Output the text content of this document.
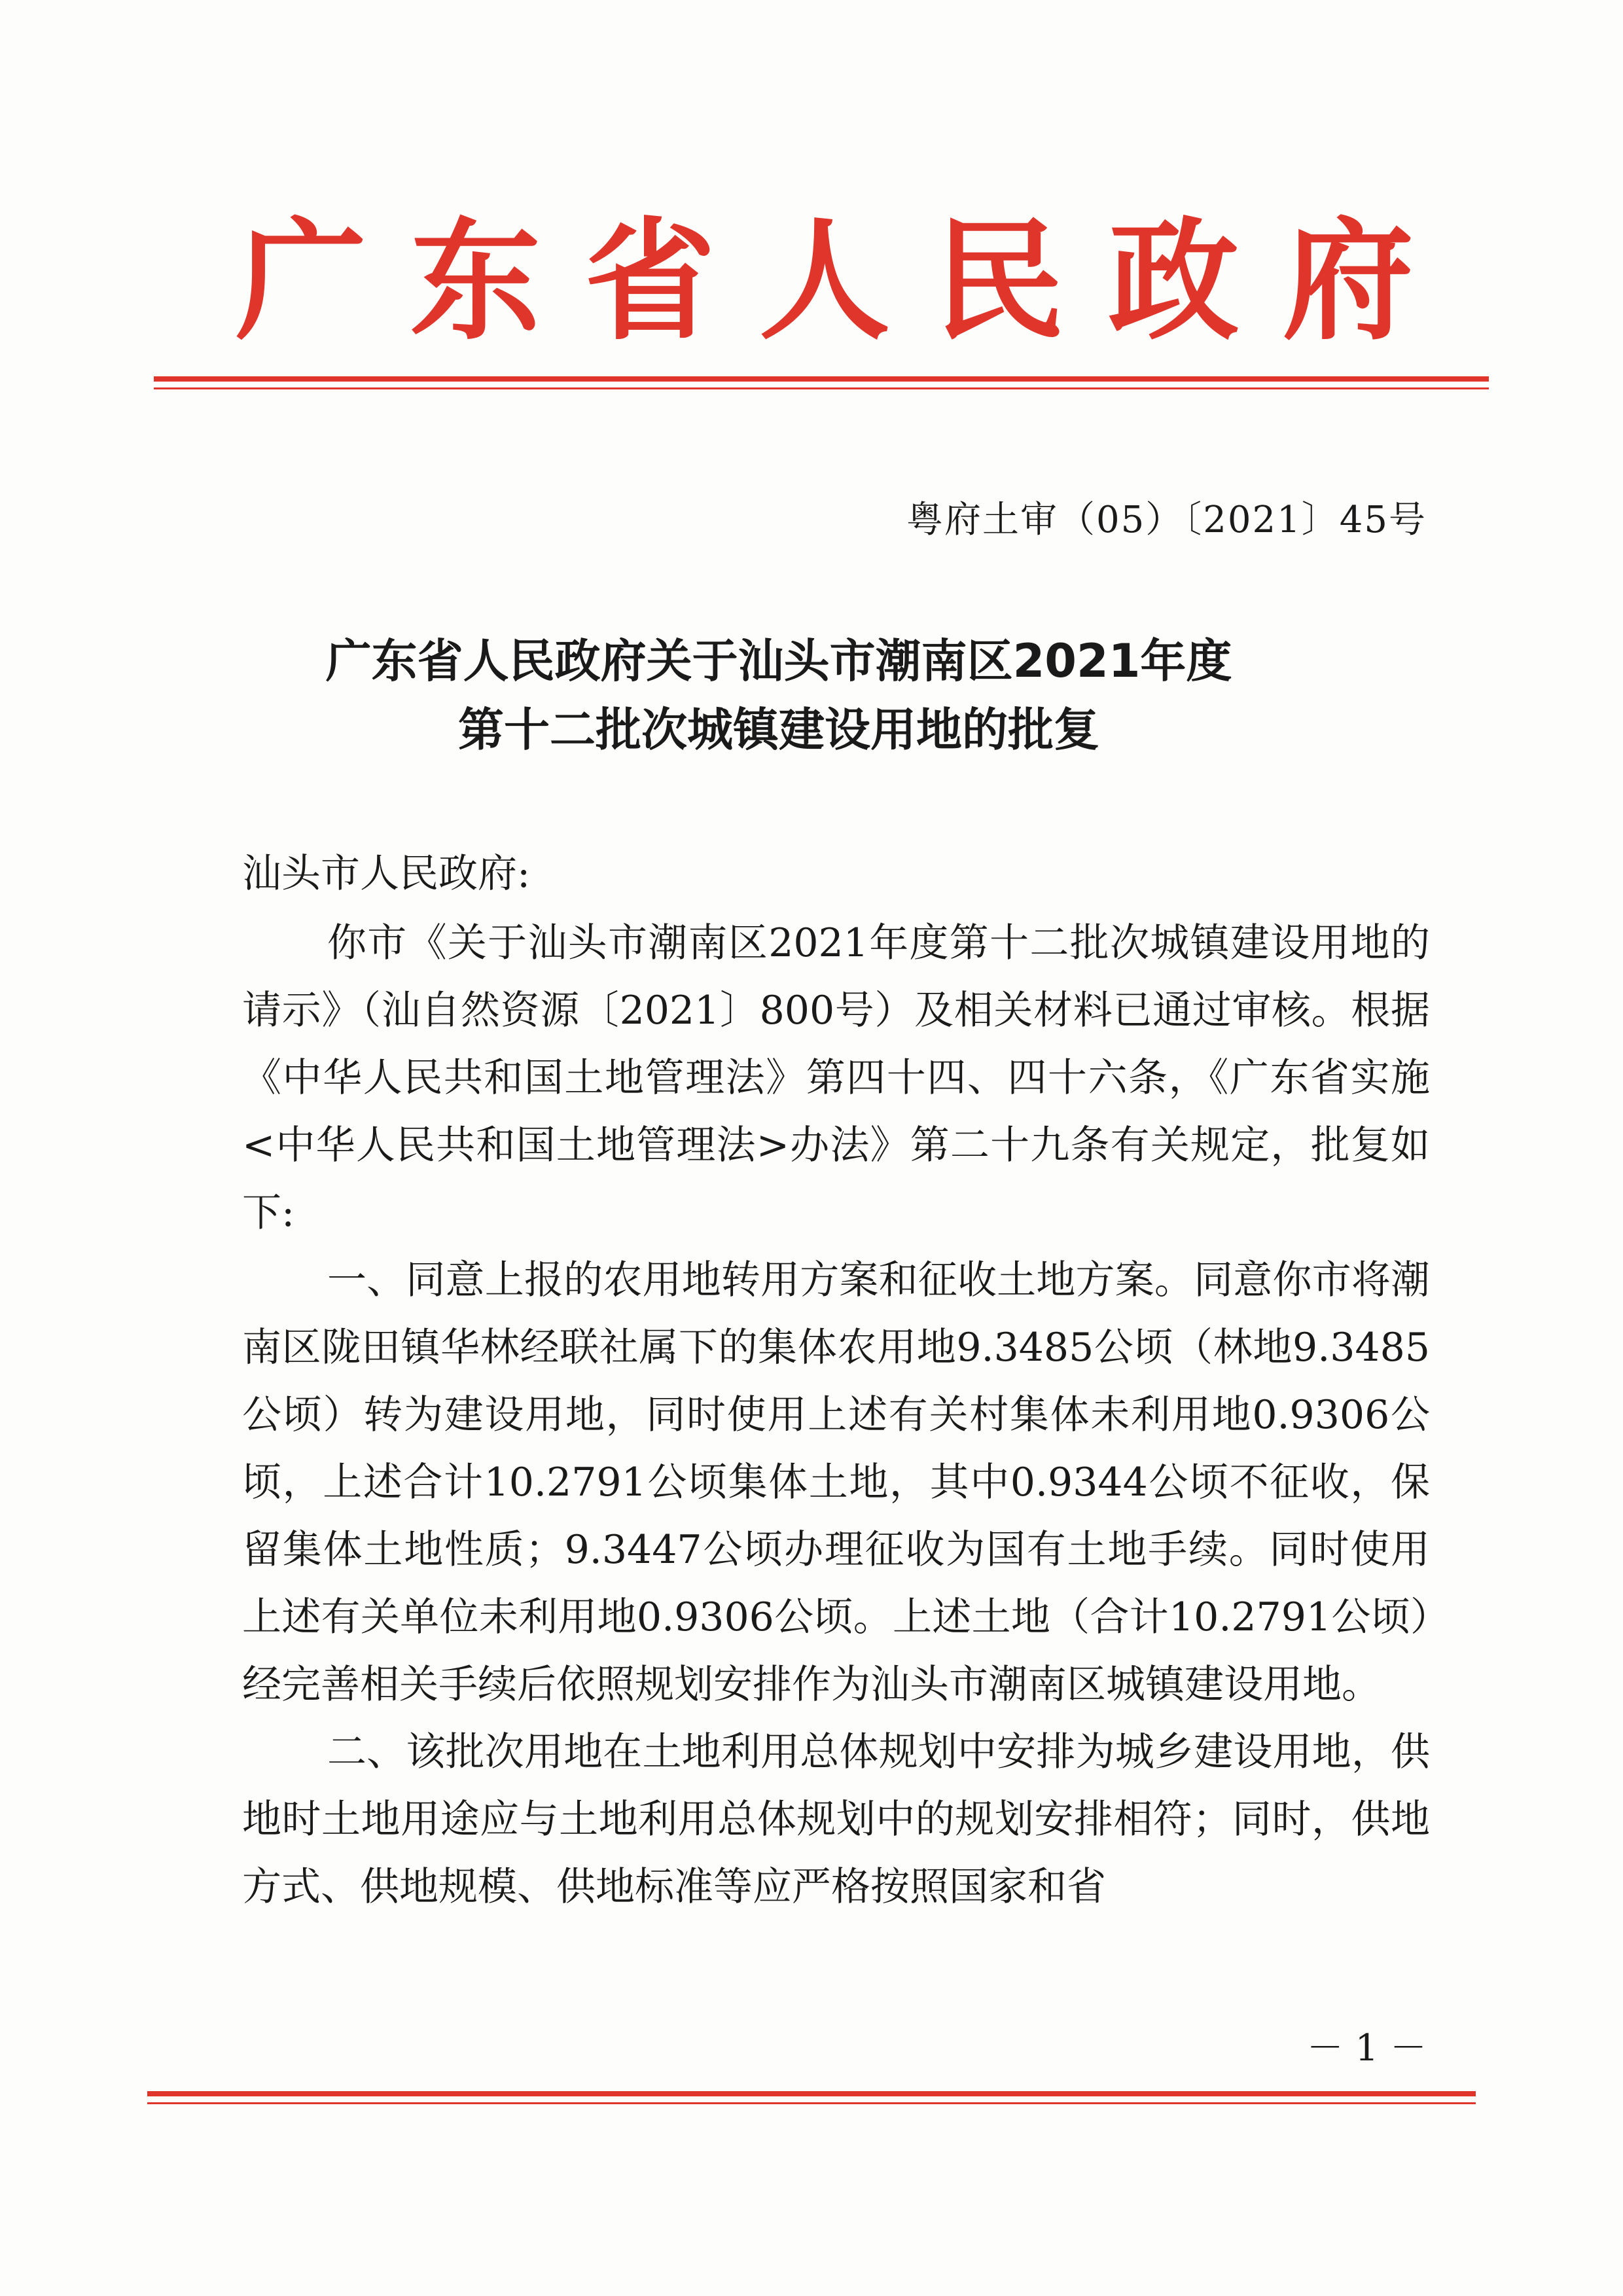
广 东 省 人 民 政 府
粤府土审（05）〔2021〕45号
广东省人民政府关于汕头市潮南区2021年度
第十二批次城镇建设用地的批复
汕头市人民政府:

你市《关于汕头市潮南区2021年度第十二批次城镇建设用地的请示》（汕自然资源〔2021〕800号）及相关材料已通过审核。根据《中华人民共和国土地管理法》第四十四、四十六条，《广东省实施<中华人民共和国土地管理法>办法》第二十九条有关规定，批复如下:

一、同意上报的农用地转用方案和征收土地方案。同意你市将潮南区陇田镇华林经联社属下的集体农用地9.3485公顷（林地9.3485公顷）转为建设用地，同时使用上述有关村集体未利用地0.9306公顷，上述合计10.2791公顷集体土地，其中0.9344公顷不征收，保留集体土地性质；9.3447公顷办理征收为国有土地手续。同时使用上述有关单位未利用地0.9306公顷。上述土地（合计10.2791公顷）经完善相关手续后依照规划安排作为汕头市潮南区城镇建设用地。

二、该批次用地在土地利用总体规划中安排为城乡建设用地，供地时土地用途应与土地利用总体规划中的规划安排相符；同时，供地方式、供地规模、供地标准等应严格按照国家和省

－ 1 －
